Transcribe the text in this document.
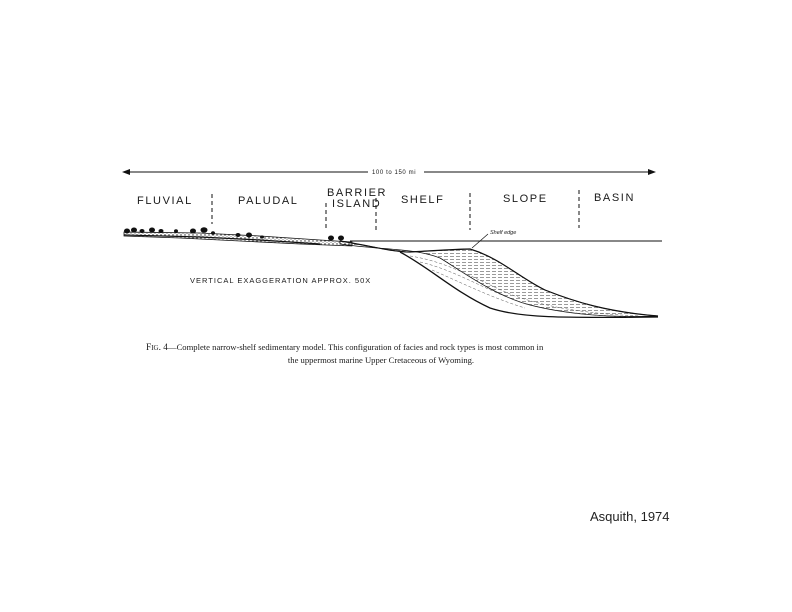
100 to 150 mi
FLUVIAL	PALUDAL
BARRIER
ISLAND SHELF	SLOPE	BASIN
Shelf edge
VERTICAL EXAGGERATION APPROX. 50X
Fig. 4—Complete narrow-shelf sedimentary model. This configuration of facies and rock types is most common in
the uppermost marine Upper Cretaceous of Wyoming.
Asquith, 1974
